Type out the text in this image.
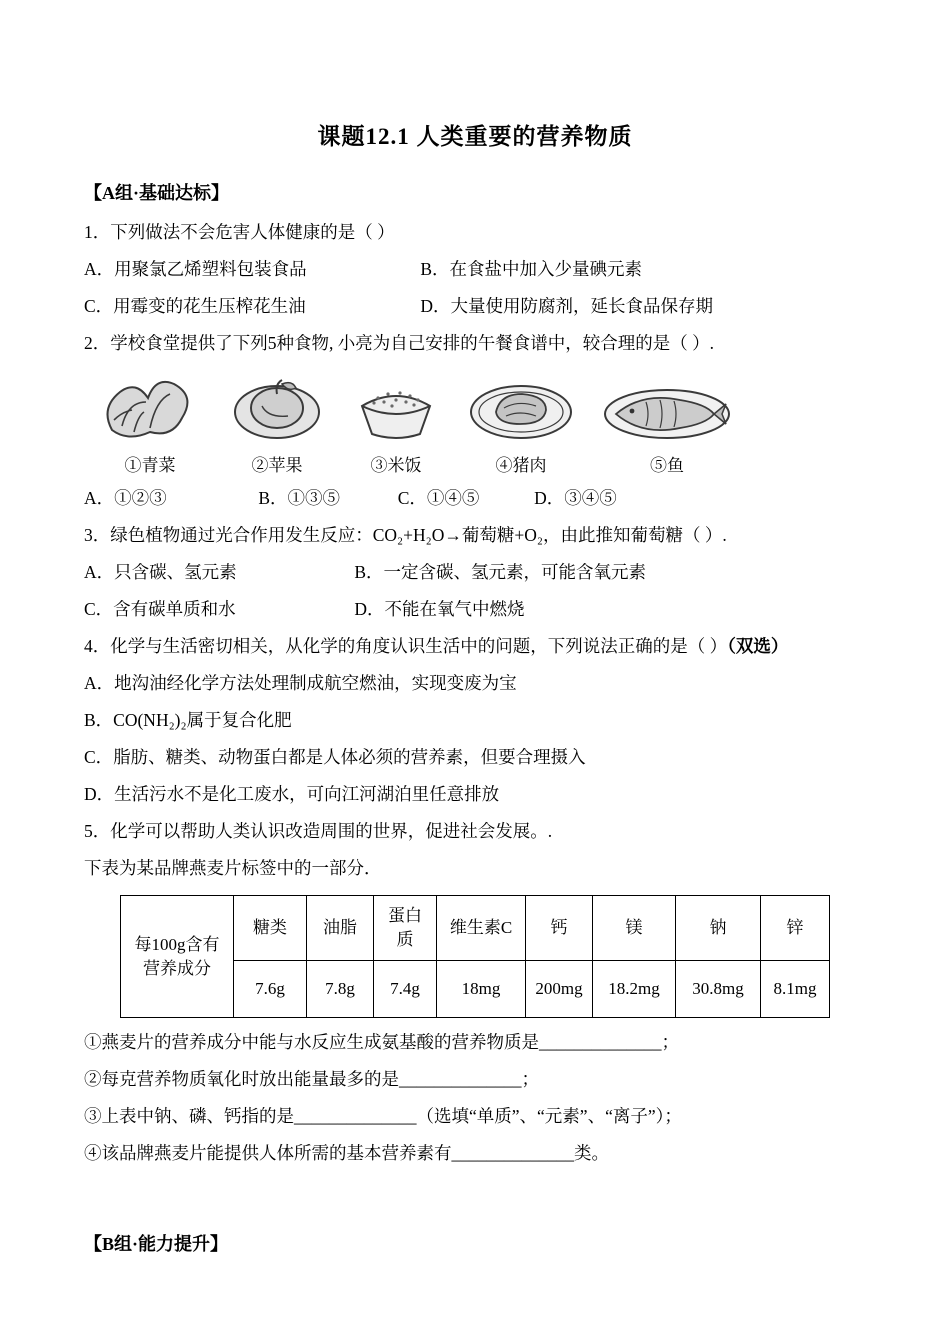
课题12.1 人类重要的营养物质
【A组·基础达标】

1．下列做法不会危害人体健康的是（ ）

A．用聚氯乙烯塑料包装食品	B．在食盐中加入少量碘元素

C．用霉变的花生压榨花生油	D．大量使用防腐剂，延长食品保存期

2．学校食堂提供了下列5种食物, 小亮为自己安排的午餐食谱中，较合理的是（ ）.

①青菜	②苹果	③米饭	④猪肉	⑤鱼

A．①②③	B．①③⑤	C．①④⑤	D．③④⑤

3．绿色植物通过光合作用发生反应：CO₂+H₂O→葡萄糖+O₂，由此推知葡萄糖（ ）.

A．只含碳、氢元素	B．一定含碳、氢元素，可能含氧元素

C．含有碳单质和水	D．不能在氧气中燃烧

4．化学与生活密切相关，从化学的角度认识生活中的问题，下列说法正确的是（ ）（双选）

A．地沟油经化学方法处理制成航空燃油，实现变废为宝

B．CO(NH₂)₂属于复合化肥

C．脂肪、糖类、动物蛋白都是人体必须的营养素，但要合理摄入

D．生活污水不是化工废水，可向江河湖泊里任意排放

5．化学可以帮助人类认识改造周围的世界，促进社会发展。.

下表为某品牌燕麦片标签中的一部分．

每100g含有营养成分	糖类	油脂	蛋白质	维生素C	钙	镁	钠	锌
	7.6g	7.8g	7.4g	18mg	200mg	18.2mg	30.8mg	8.1mg

①燕麦片的营养成分中能与水反应生成氨基酸的营养物质是______________；

②每克营养物质氧化时放出能量最多的是______________；

③上表中钠、磷、钙指的是______________（选填“单质”、“元素”、“离子”）；

④该品牌燕麦片能提供人体所需的基本营养素有______________类。

【B组·能力提升】
